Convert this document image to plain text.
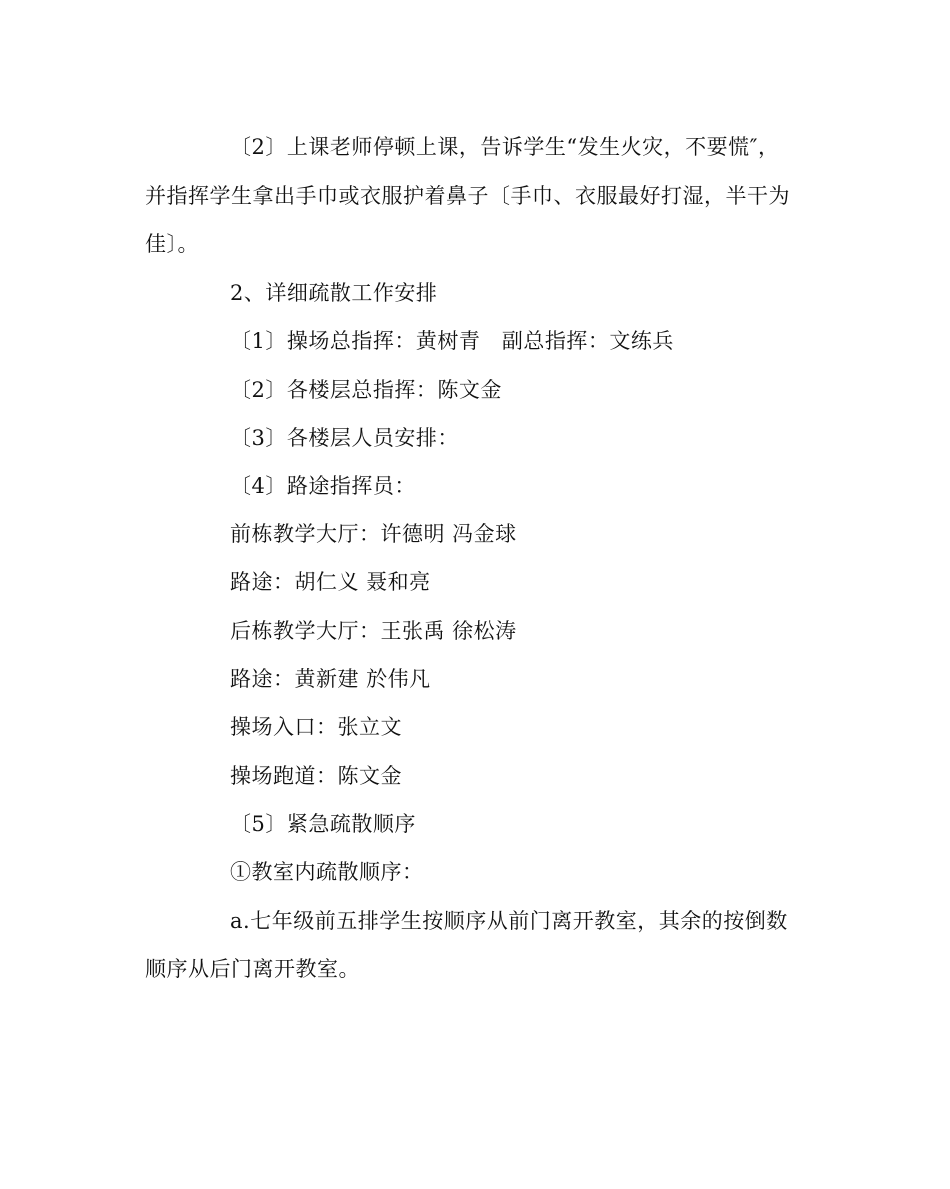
〔2〕上课老师停顿上课，告诉学生“发生火灾，不要慌″，
并指挥学生拿出手巾或衣服护着鼻子〔手巾、衣服最好打湿，半干为
佳〕。
2、详细疏散工作安排
〔1〕操场总指挥：黄树青　副总指挥：文练兵
〔2〕各楼层总指挥：陈文金
〔3〕各楼层人员安排：
〔4〕路途指挥员：
前栋教学大厅：许德明 冯金球
路途：胡仁义 聂和亮
后栋教学大厅：王张禹 徐松涛
路途：黄新建 於伟凡
操场入口：张立文
操场跑道：陈文金
〔5〕紧急疏散顺序
①教室内疏散顺序：
a.七年级前五排学生按顺序从前门离开教室，其余的按倒数
顺序从后门离开教室。
